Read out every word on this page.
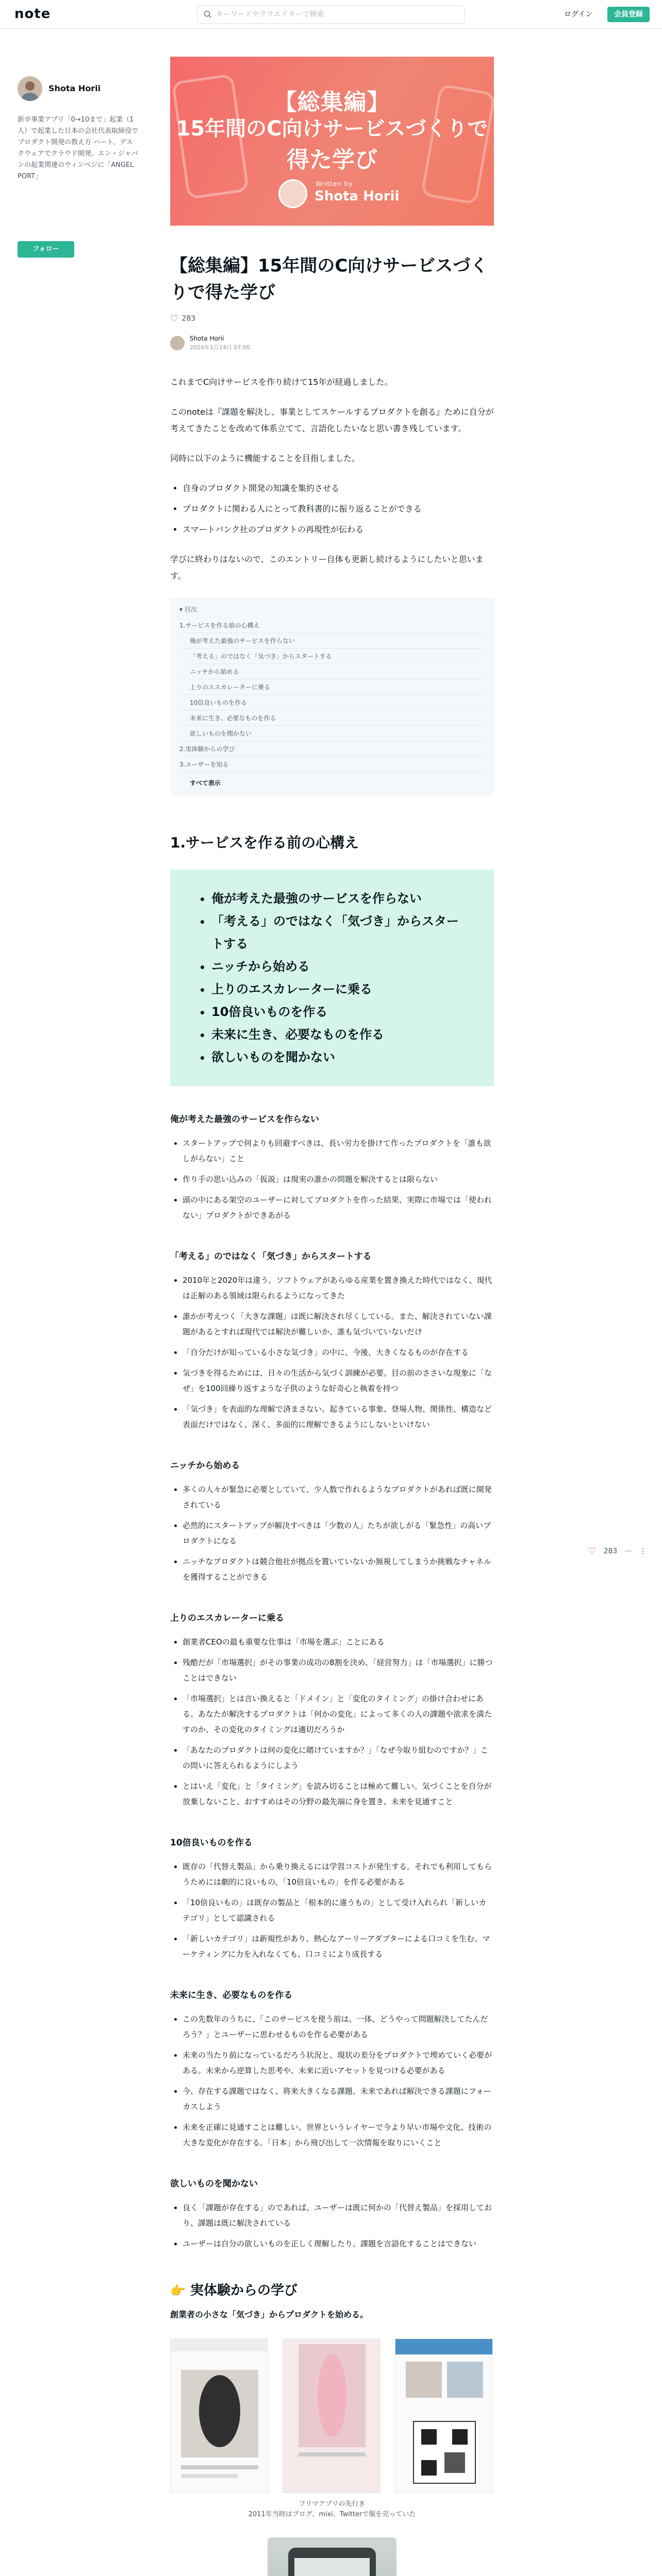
note
キーワードやクリエイターで検索	ログイン	会員登録
Shota Horii
新卒事業アプリ「0→10まで」起業（1人）で起業した日本の会社代表取締役でプロダクト開発の教え方 ハート、デスクウェアでクラウド開発。エン・ジャパンの起業関連のウィンペジに「ANGEL PORT」
フォロー
【総集編】
15年間のC向けサービスづくりで
得た学び
Written by
Shota Horii
【総集編】15年間のC向けサービスづくりで得た学び
♡ 283
Shota Horii
2024年1月14日 07:00

これまでC向けサービスを作り続けて15年が経過しました。

このnoteは『課題を解決し、事業としてスケールするプロダクトを創る』ために自分が考えてきたことを改めて体系立てて、言語化したいなと思い書き残しています。

同時に以下のように機能することを目指しました。

• 自身のプロダクト開発の知識を集約させる
• プロダクトに関わる人にとって教科書的に振り返ることができる
• スマートバンク社のプロダクトの再現性が伝わる

学びに終わりはないので、このエントリー自体も更新し続けるようにしたいと思います。

▾ 目次
1.サービスを作る前の心構え
俺が考えた最強のサービスを作らない
「考える」のではなく「気づき」からスタートする
ニッチから始める
上りのエスカレーターに乗る
10倍良いものを作る
未来に生き、必要なものを作る
欲しいものを聞かない
2.実体験からの学び
3.ユーザーを知る
すべて表示
1.サービスを作る前の心構え
• 俺が考えた最強のサービスを作らない
• 「考える」のではなく「気づき」からスタートする
• ニッチから始める
• 上りのエスカレーターに乗る
• 10倍良いものを作る
• 未来に生き、必要なものを作る
• 欲しいものを聞かない
俺が考えた最強のサービスを作らない
• スタートアップで何よりも回避すべきは、長い労力を掛けて作ったプロダクトを「誰も欲しがらない」こと
• 作り手の思い込みの「仮説」は現実の誰かの問題を解決するとは限らない
• 頭の中にある架空のユーザーに対してプロダクトを作った結果、実際に市場では「使われない」プロダクトができあがる
「考える」のではなく「気づき」からスタートする
• 2010年と2020年は違う。ソフトウェアがあらゆる産業を置き換えた時代ではなく、現代は正解のある領域は限られるようになってきた
• 誰かが考えつく「大きな課題」は既に解決され尽くしている。また、解決されていない課題があるとすれば現代では解決が難しいか、誰も気づいていないだけ
• 「自分だけが知っている小さな気づき」の中に、今後、大きくなるものが存在する
• 気づきを得るためには、日々の生活から気づく訓練が必要。目の前のささいな現象に「なぜ」を100回繰り返すような子供のような好奇心と執着を持つ
• 「気づき」を表面的な理解で済まさない。起きている事象、登場人物、関係性、構造など表面だけではなく、深く、多面的に理解できるようにしないといけない
ニッチから始める
• 多くの人々が緊急に必要としていて、少人数で作れるようなプロダクトがあれば既に開発されている
• 必然的にスタートアップが解決すべきは「少数の人」たちが欲しがる「緊急性」の高いプロダクトになる
• ニッチなプロダクトは競合他社が拠点を置いていないか無視してしまうか挑戦なチャネルを獲得することができる
上りのエスカレーターに乗る
• 創業者CEOの最も重要な仕事は「市場を選ぶ」ことにある
• 残酷だが「市場選択」がその事業の成功の8割を決め、「経営努力」は「市場選択」に勝つことはできない
• 「市場選択」とは言い換えると「ドメイン」と「変化のタイミング」の掛け合わせにある。あなたが解決するプロダクトは「何かの変化」によって多くの人の課題や欲求を満たすのか、その変化のタイミングは適切だろうか
• 「あなたのプロダクトは何の変化に賭けていますか？」「なぜ今取り組むのですか？」この問いに答えられるようにしよう
• とはいえ「変化」と「タイミング」を読み切ることは極めて難しい。気づくことを自分が放棄しないこと、おすすめはその分野の最先端に身を置き、未来を見通すこと
10倍良いものを作る
• 既存の「代替え製品」から乗り換えるには学習コストが発生する。それでも利用してもらうためには劇的に良いもの、「10倍良いもの」を作る必要がある
• 「10倍良いもの」は既存の製品と「根本的に違うもの」として受け入れられ「新しいカテゴリ」として認識される
• 「新しいカテゴリ」は新規性があり、熱心なアーリーアダプターによる口コミを生む。マーケティングに力を入れなくても、口コミにより成長する
未来に生き、必要なものを作る
• この先数年のうちに、「このサービスを使う前は、一体、どうやって問題解決してたんだろう？」とユーザーに思わせるものを作る必要がある
• 未来の当たり前になっているだろう状況と、現状の差分をプロダクトで埋めていく必要がある。未来から逆算した思考や、未来に近いアセットを見つける必要がある
• 今、存在する課題ではなく、将来大きくなる課題、未来であれば解決できる課題にフォーカスしよう
• 未来を正確に見通すことは難しい。世界というレイヤーで今より早い市場や文化、技術の大きな変化が存在する。「日本」から飛び出して一次情報を取りにいくこと
欲しいものを聞かない
• 良く「課題が存在する」のであれば、ユーザーは既に何かの「代替え製品」を採用しており、課題は既に解決されている
• ユーザーは自分の欲しいものを正しく理解したり、課題を言語化することはできない
👉 実体験からの学び
創業者の小さな「気づき」からプロダクトを始める。
フリマアプリの先行き
2011年当時はブログ、mixi、Twitterで服を売っていた
♡ 283 ⋯ ⋮
